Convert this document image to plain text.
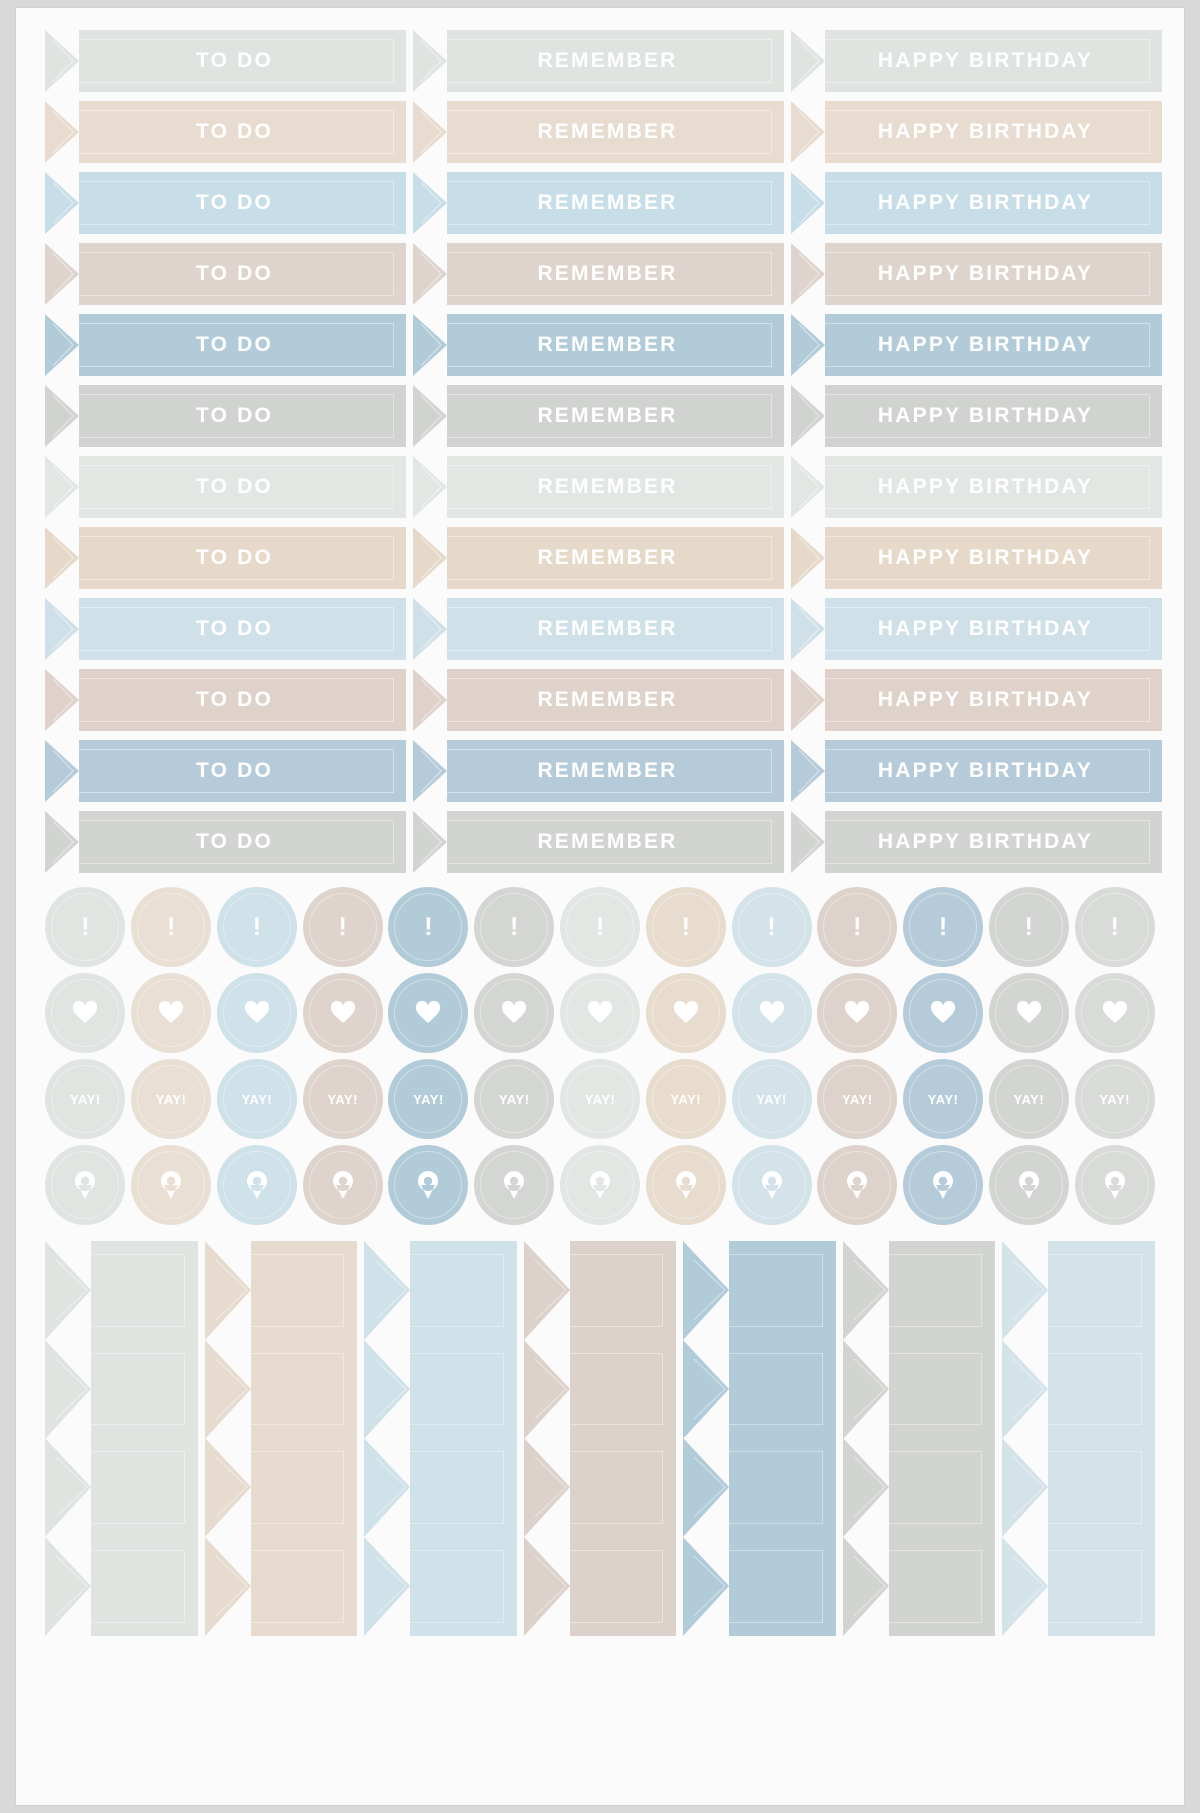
TO DO	REMEMBER	HAPPY BIRTHDAY
TO DO	REMEMBER	HAPPY BIRTHDAY
TO DO	REMEMBER	HAPPY BIRTHDAY
TO DO	REMEMBER	HAPPY BIRTHDAY
TO DO	REMEMBER	HAPPY BIRTHDAY
TO DO	REMEMBER	HAPPY BIRTHDAY
TO DO	REMEMBER	HAPPY BIRTHDAY
TO DO	REMEMBER	HAPPY BIRTHDAY
TO DO	REMEMBER	HAPPY BIRTHDAY
TO DO	REMEMBER	HAPPY BIRTHDAY
TO DO	REMEMBER	HAPPY BIRTHDAY
TO DO	REMEMBER	HAPPY BIRTHDAY
!	!	!	!	!	!	!	!	!	!	!	!	!
YAY!	YAY!	YAY!	YAY!	YAY!	YAY!	YAY!	YAY!	YAY!	YAY!	YAY!	YAY!	YAY!
